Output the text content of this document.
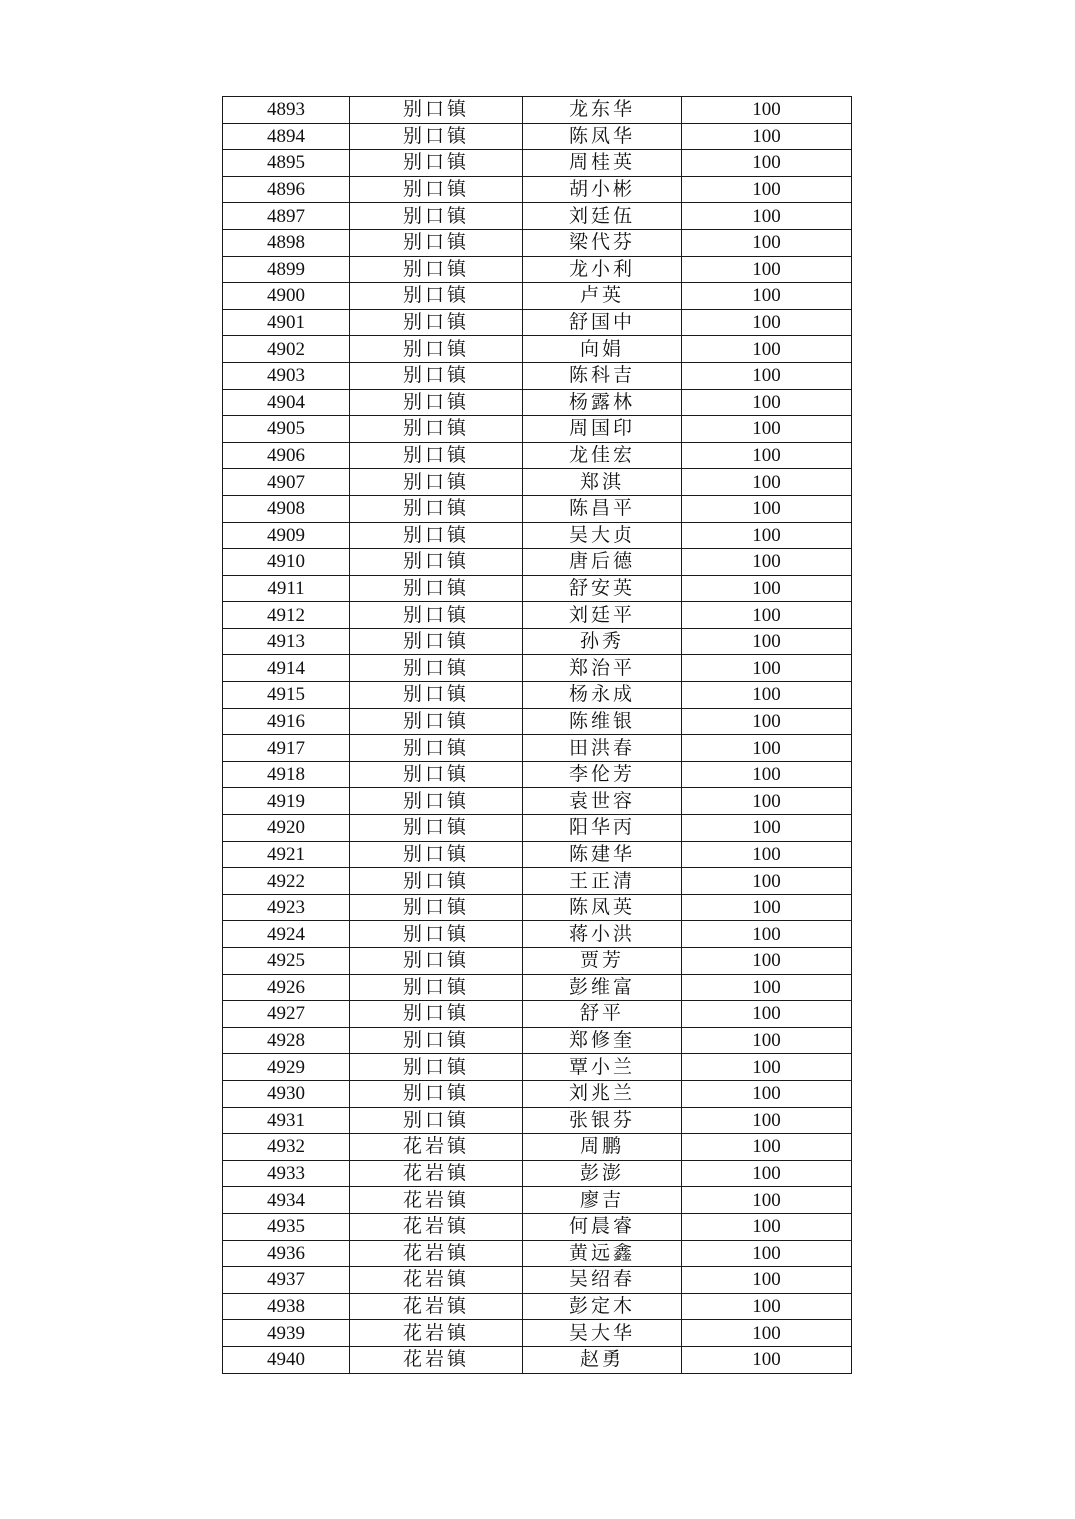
4893	别口镇	龙东华	100
4894	别口镇	陈凤华	100
4895	别口镇	周桂英	100
4896	别口镇	胡小彬	100
4897	别口镇	刘廷伍	100
4898	别口镇	梁代芬	100
4899	别口镇	龙小利	100
4900	别口镇	卢英	100
4901	别口镇	舒国中	100
4902	别口镇	向娟	100
4903	别口镇	陈科吉	100
4904	别口镇	杨露林	100
4905	别口镇	周国印	100
4906	别口镇	龙佳宏	100
4907	别口镇	郑淇	100
4908	别口镇	陈昌平	100
4909	别口镇	吴大贞	100
4910	别口镇	唐后德	100
4911	别口镇	舒安英	100
4912	别口镇	刘廷平	100
4913	别口镇	孙秀	100
4914	别口镇	郑治平	100
4915	别口镇	杨永成	100
4916	别口镇	陈维银	100
4917	别口镇	田洪春	100
4918	别口镇	李伦芳	100
4919	别口镇	袁世容	100
4920	别口镇	阳华丙	100
4921	别口镇	陈建华	100
4922	别口镇	王正清	100
4923	别口镇	陈凤英	100
4924	别口镇	蒋小洪	100
4925	别口镇	贾芳	100
4926	别口镇	彭维富	100
4927	别口镇	舒平	100
4928	别口镇	郑修奎	100
4929	别口镇	覃小兰	100
4930	别口镇	刘兆兰	100
4931	别口镇	张银芬	100
4932	花岩镇	周鹏	100
4933	花岩镇	彭澎	100
4934	花岩镇	廖吉	100
4935	花岩镇	何晨睿	100
4936	花岩镇	黄远鑫	100
4937	花岩镇	吴绍春	100
4938	花岩镇	彭定木	100
4939	花岩镇	吴大华	100
4940	花岩镇	赵勇	100
